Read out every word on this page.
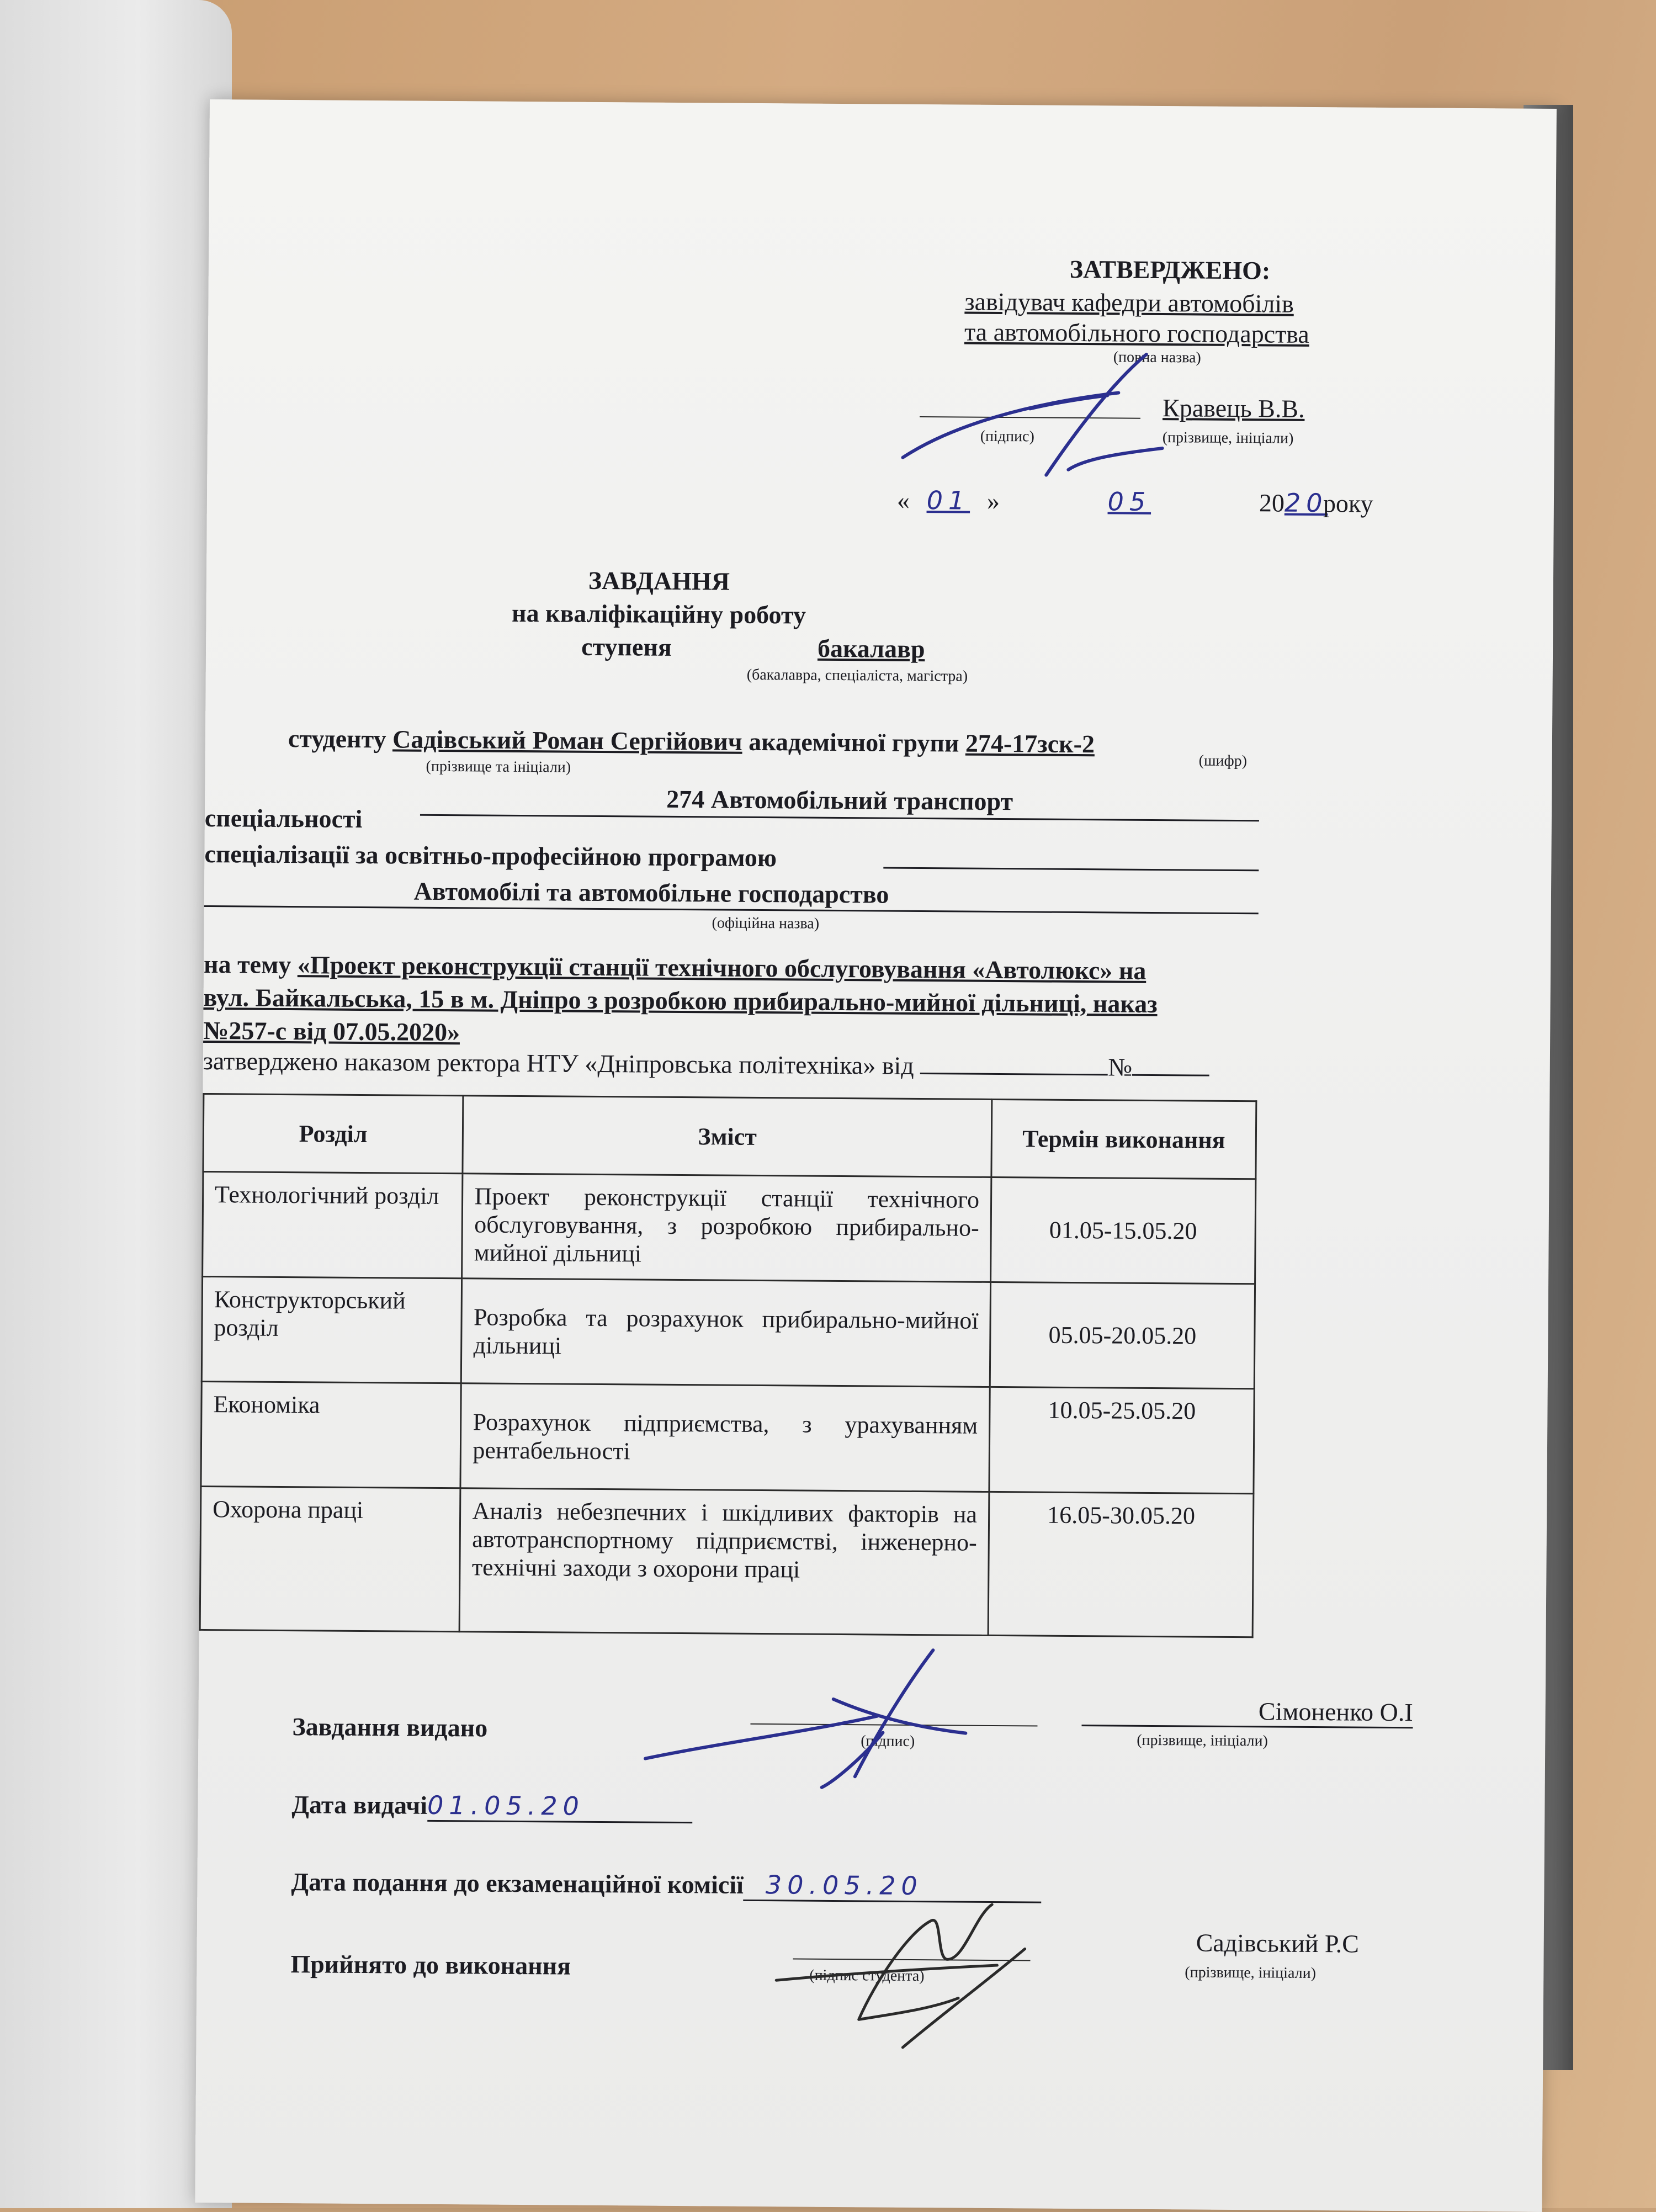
ЗАТВЕРДЖЕНО:
завідувач кафедри автомобілів
та автомобільного господарства
(повна назва)
Кравець В.В.
(підпис)	(прізвище, ініціали)
« 01 »	05	2020року
ЗАВДАННЯ
на кваліфікаційну роботу
ступеня	бакалавр
(бакалавра, спеціаліста, магістра)
студенту Садівський Роман Сергійович академічної групи 274-17зск-2
(прізвище та ініціали)	(шифр)
спеціальності
274 Автомобільний транспорт
спеціалізації за освітньо-професійною програмою
Автомобілі та автомобільне господарство
(офіційна назва)
на тему «Проект реконструкції станції технічного обслуговування «Автолюкс» на
вул. Байкальська, 15 в м. Дніпро з розробкою прибирально-мийної дільниці, наказ
№257-с від 07.05.2020»
затверджено наказом ректора НТУ «Дніпровська політехніка» від	№
Розділ	Зміст	Термін виконання
Технологічний розділ	Проект реконструкції станції технічного обслуговування, з розробкою прибирально-мийної дільниці	01.05-15.05.20
Конструкторський розділ	Розробка та розрахунок прибирально-мийної дільниці	05.05-20.05.20
Економіка	Розрахунок підприємства, з урахуванням рентабельності	10.05-25.05.20
Охорона праці	Аналіз небезпечних і шкідливих факторів на автотранспортному підприємстві, інженерно-технічні заходи з охорони праці	16.05-30.05.20
Завдання видано	(підпис)
Сімоненко О.І
(прізвище, ініціали)
Дата видачі01.05.20
Дата подання до екзаменаційної комісії 30.05.20
Прийнято до виконання	(підпис студента)
Садівський Р.С
(прізвище, ініціали)
